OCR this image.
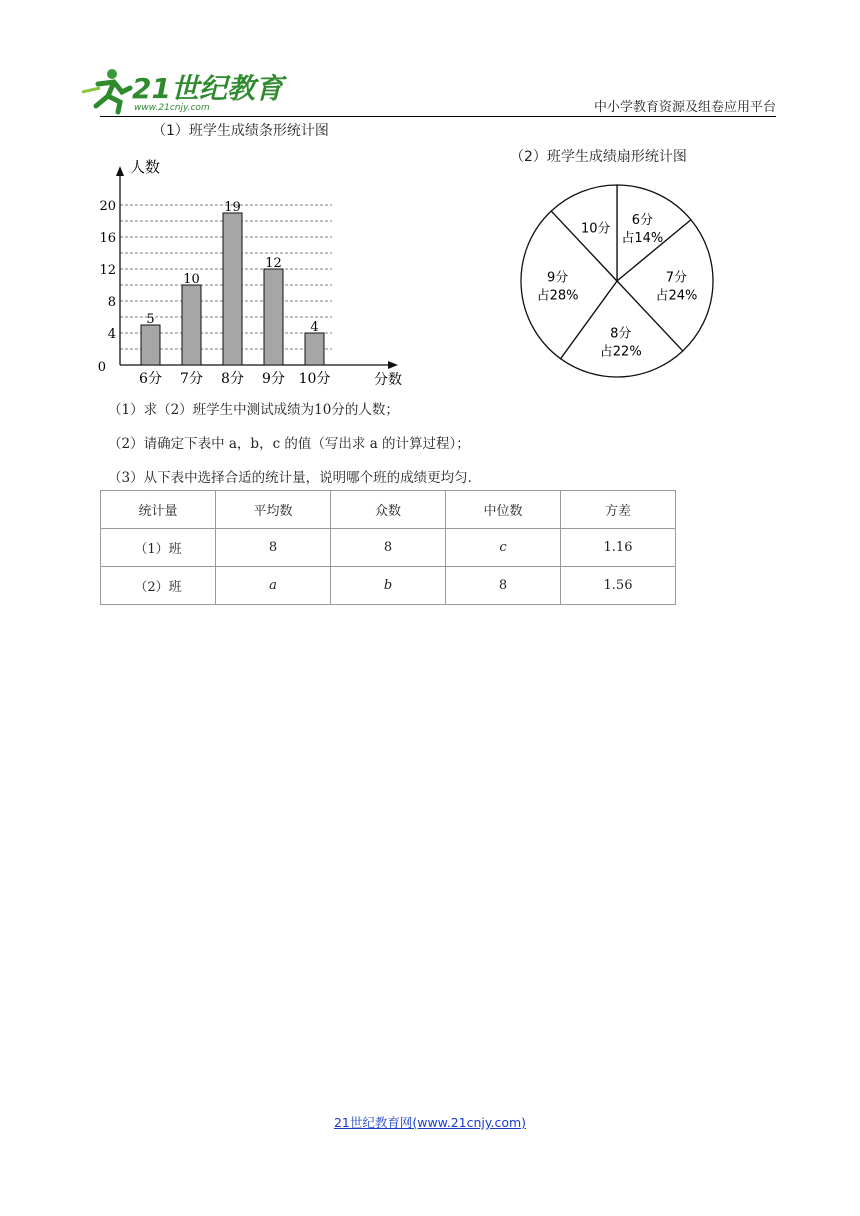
21世纪教育
www.21cnjy.com	中小学教育资源及组卷应用平台
（1）班学生成绩条形统计图
（2）班学生成绩扇形统计图
人数
分数
0
4
8
12
16
20
5
6分
10
7分
19
8分
12
9分
4
10分
6分
占14%
7分
占24%
8分
占22%
9分
占28%
10分
（1）求（2）班学生中测试成绩为10分的人数；
（2）请确定下表中 a，b，c 的值（写出求 a 的计算过程）；
（3）从下表中选择合适的统计量，说明哪个班的成绩更均匀．
统计量	平均数	众数	中位数	方差
（1）班	8	8	c	1.16
（2）班	a	b	8	1.56
21世纪教育网(www.21cnjy.com)
